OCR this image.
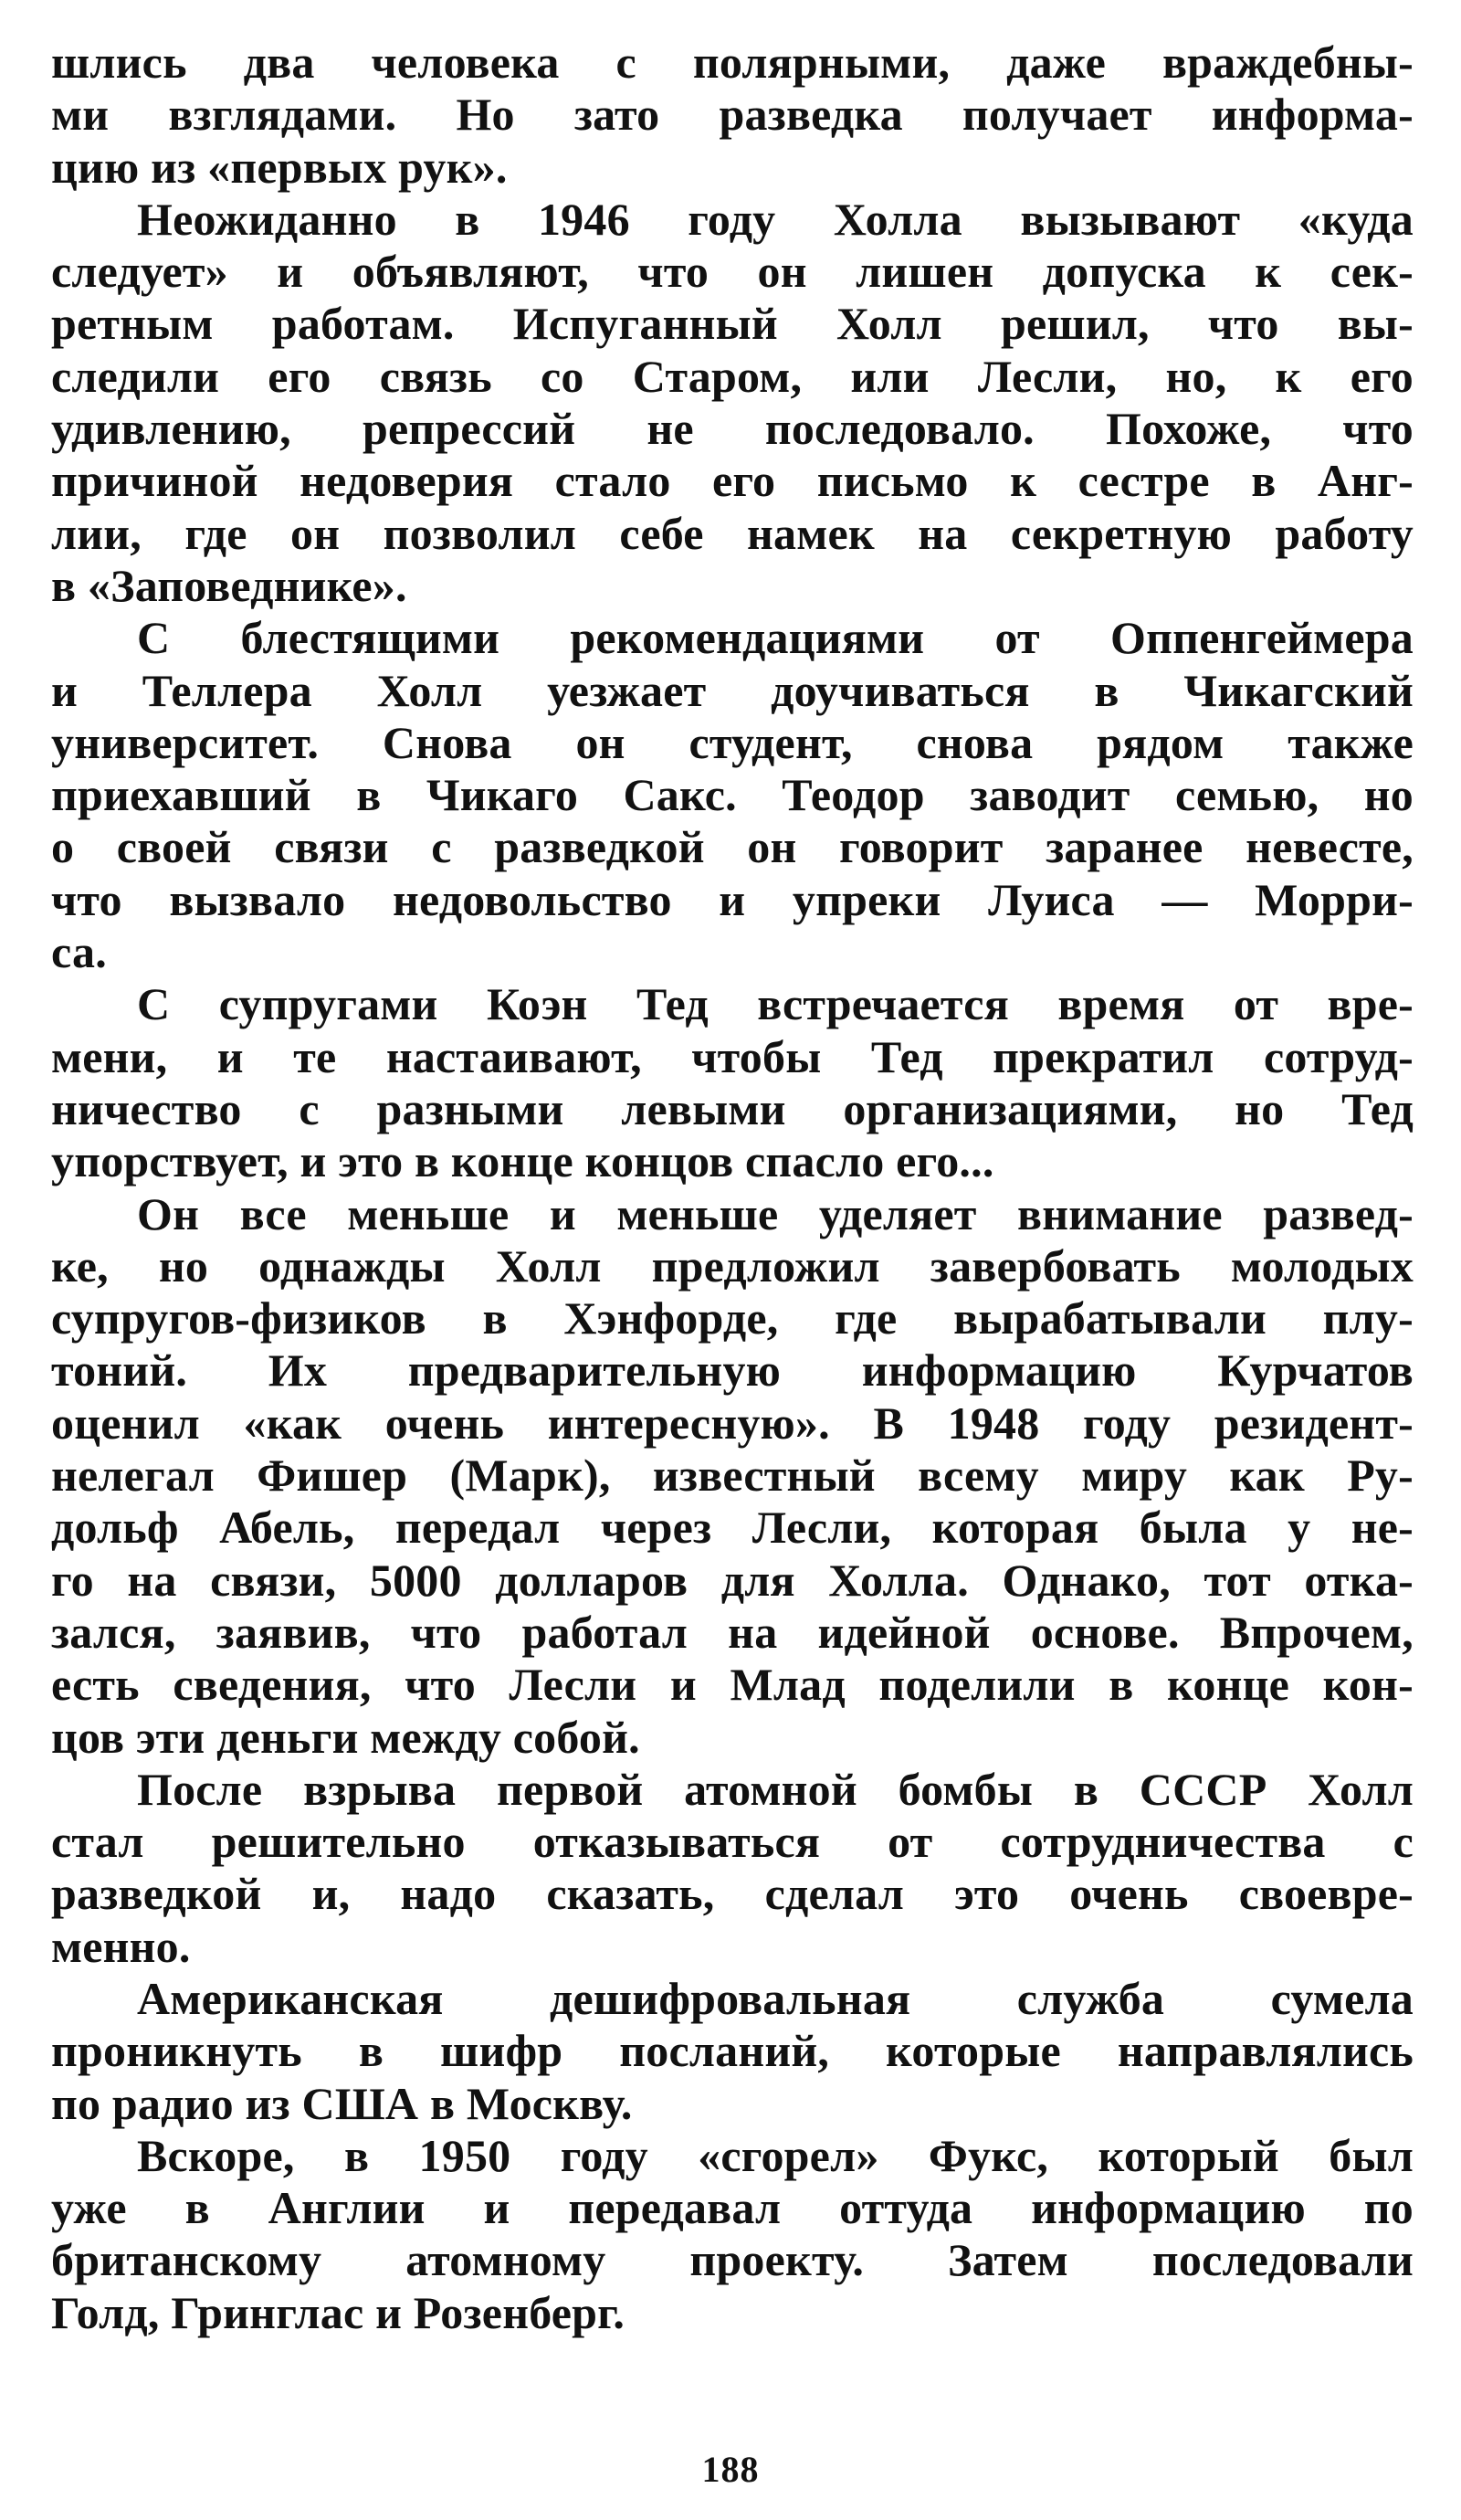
шлись два человека с полярными, даже враждебны-
ми взглядами. Но зато разведка получает информа-
цию из «первых рук».
Неожиданно в 1946 году Холла вызывают «куда
следует» и объявляют, что он лишен допуска к сек-
ретным работам. Испуганный Холл решил, что вы-
следили его связь со Старом, или Лесли, но, к его
удивлению, репрессий не последовало. Похоже, что
причиной недоверия стало его письмо к сестре в Анг-
лии, где он позволил себе намек на секретную работу
в «Заповеднике».
С блестящими рекомендациями от Оппенгеймера
и Теллера Холл уезжает доучиваться в Чикагский
университет. Снова он студент, снова рядом также
приехавший в Чикаго Сакс. Теодор заводит семью, но
о своей связи с разведкой он говорит заранее невесте,
что вызвало недовольство и упреки Луиса — Морри-
са.
С супругами Коэн Тед встречается время от вре-
мени, и те настаивают, чтобы Тед прекратил сотруд-
ничество с разными левыми организациями, но Тед
упорствует, и это в конце концов спасло его...
Он все меньше и меньше уделяет внимание развед-
ке, но однажды Холл предложил завербовать молодых
супругов-физиков в Хэнфорде, где вырабатывали плу-
тоний. Их предварительную информацию Курчатов
оценил «как очень интересную». В 1948 году резидент-
нелегал Фишер (Марк), известный всему миру как Ру-
дольф Абель, передал через Лесли, которая была у не-
го на связи, 5000 долларов для Холла. Однако, тот отка-
зался, заявив, что работал на идейной основе. Впрочем,
есть сведения, что Лесли и Млад поделили в конце кон-
цов эти деньги между собой.
После взрыва первой атомной бомбы в СССР Холл
стал решительно отказываться от сотрудничества с
разведкой и, надо сказать, сделал это очень своевре-
менно.
Американская дешифровальная служба сумела
проникнуть в шифр посланий, которые направлялись
по радио из США в Москву.
Вскоре, в 1950 году «сгорел» Фукс, который был
уже в Англии и передавал оттуда информацию по
британскому атомному проекту. Затем последовали
Голд, Гринглас и Розенберг.
188
